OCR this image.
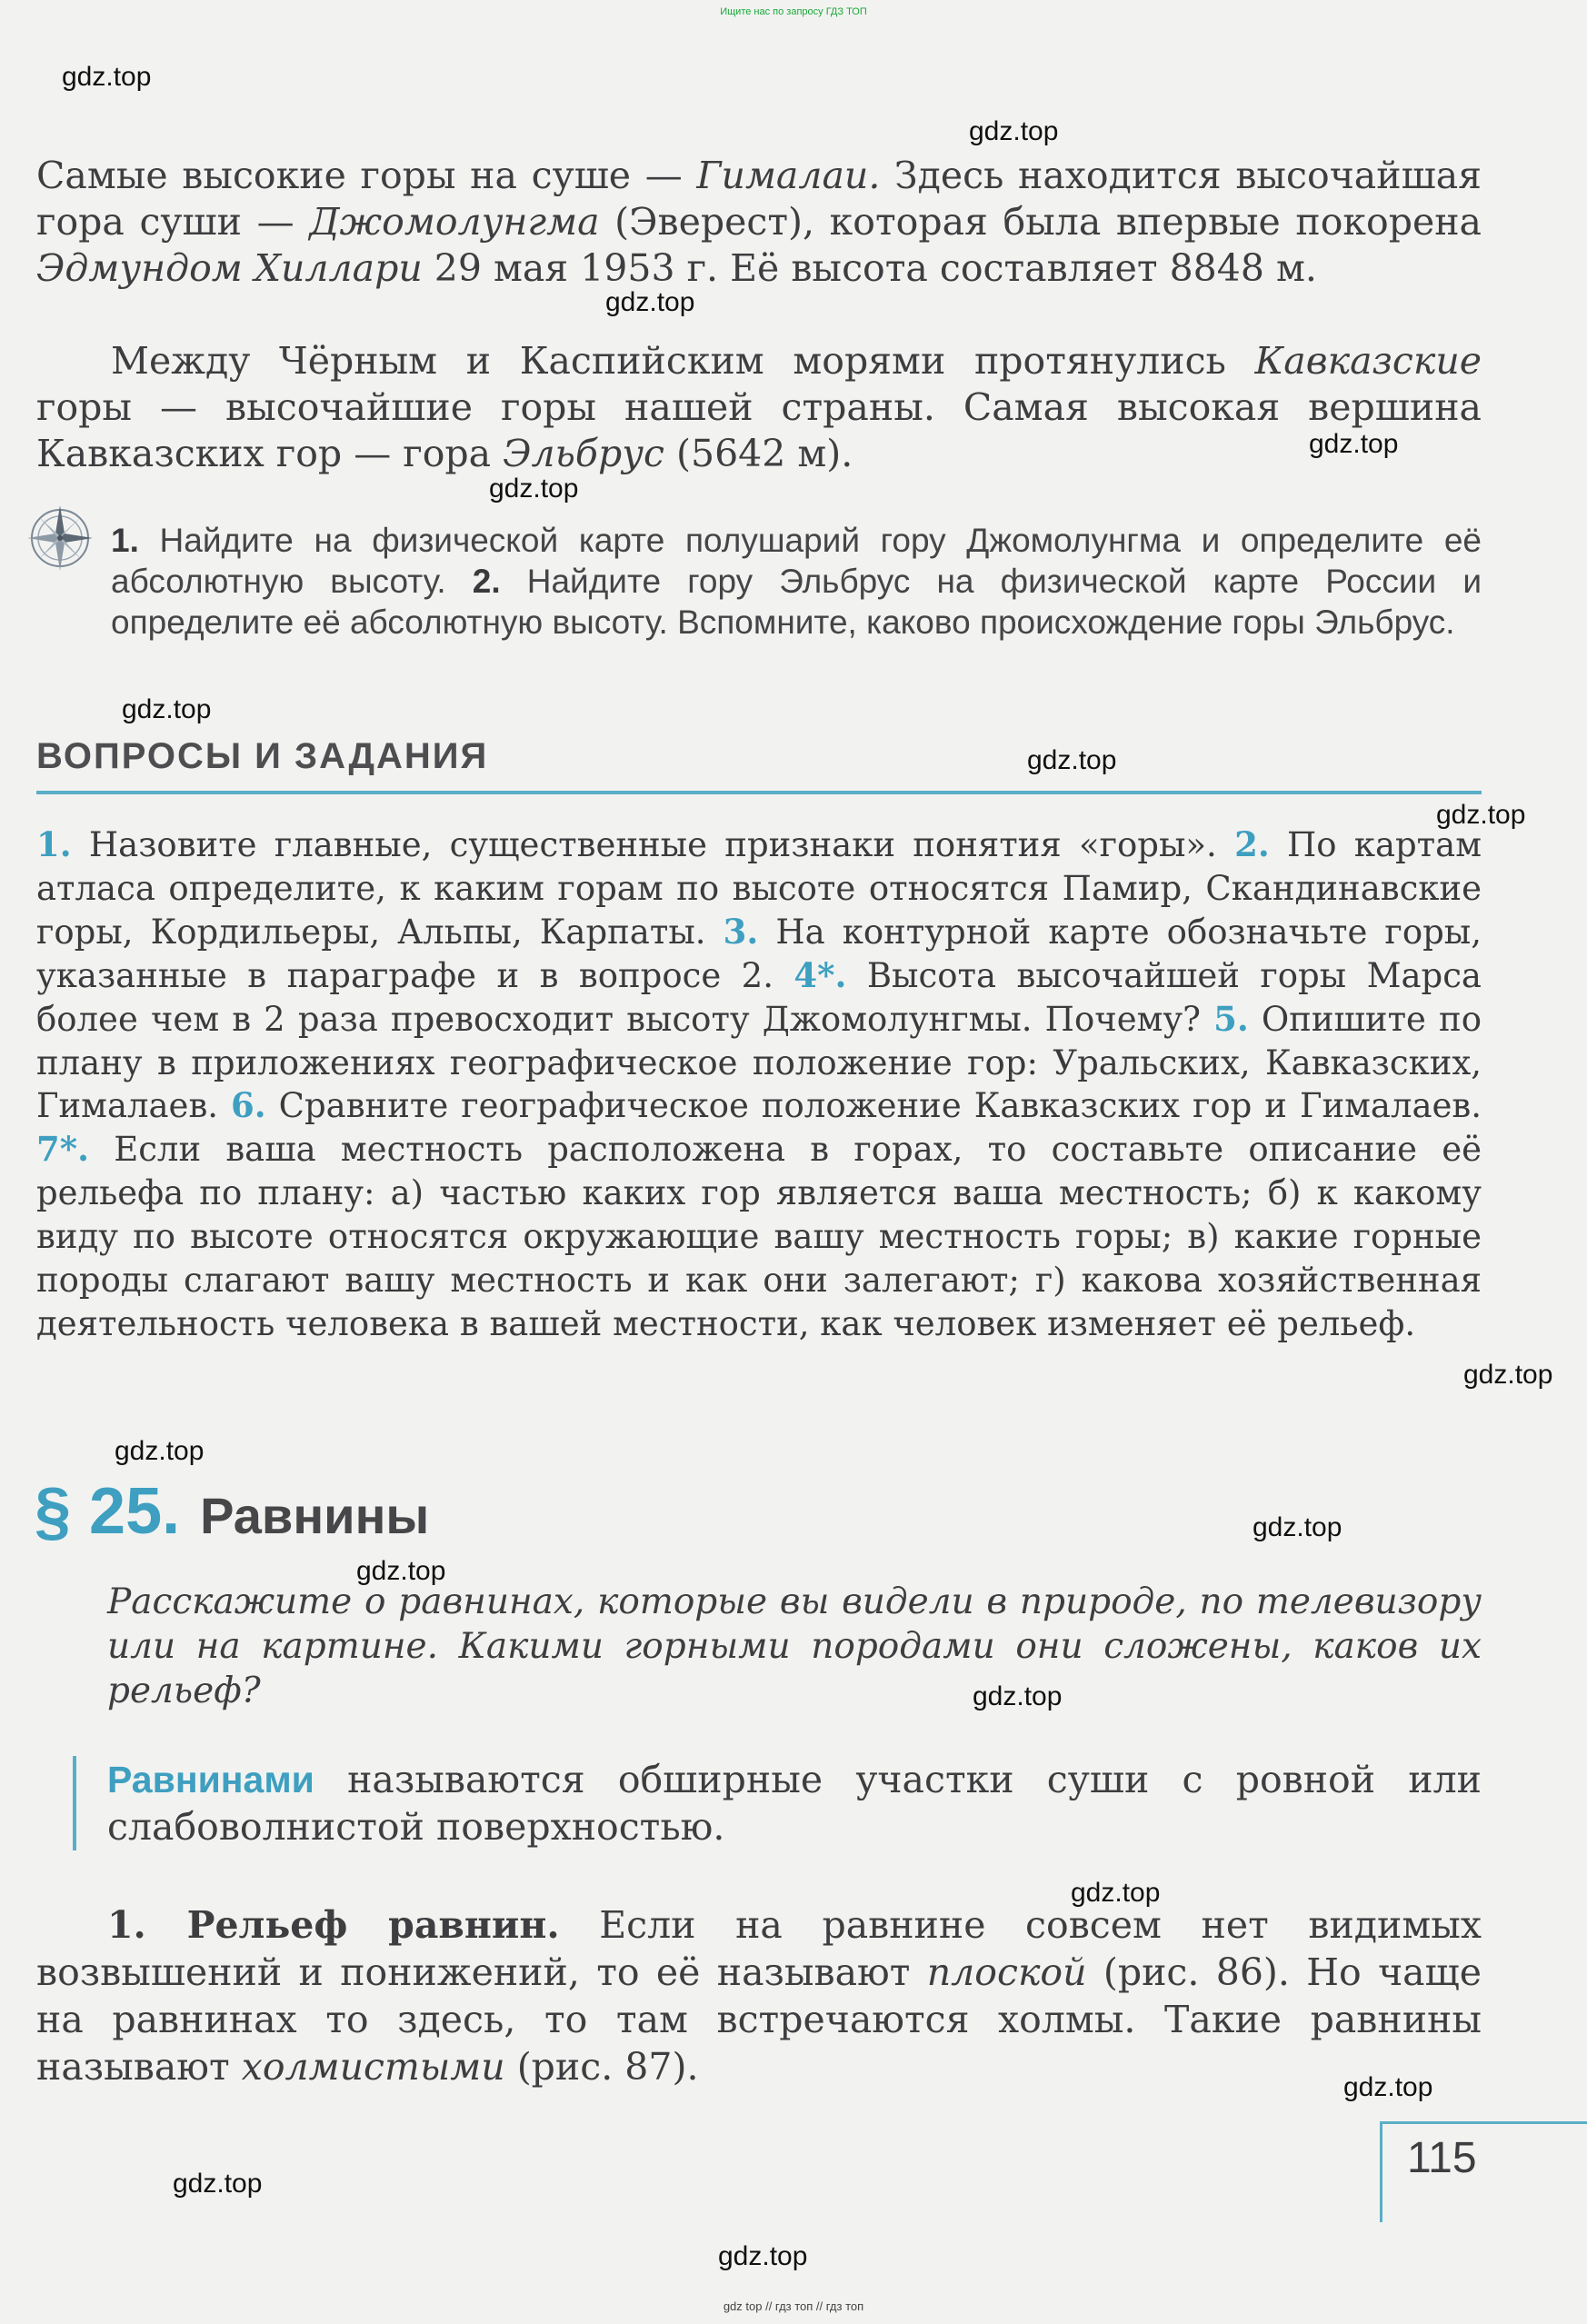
Ищите нас по запросу ГДЗ ТОП
gdz.top
gdz.top
gdz.top
gdz.top
gdz.top
gdz.top
gdz.top
gdz.top
gdz.top
gdz.top
gdz.top
gdz.top
gdz.top
gdz.top
gdz.top
gdz.top
gdz.top
Самые высокие горы на суше — Гималаи. Здесь находится высочайшая гора суши — Джомолунгма (Эверест), которая была впервые покорена Эдмундом Хиллари 29 мая 1953 г. Её высота составляет 8848 м.
Между Чёрным и Каспийским морями протянулись Кавказские горы — высочайшие горы нашей страны. Самая высокая вершина Кавказских гор — гора Эльбрус (5642 м).
1. Найдите на физической карте полушарий гору Джомолунгма и определите её абсолютную высоту. 2. Найдите гору Эльбрус на физической карте России и определите её абсолютную высоту. Вспомните, каково происхождение горы Эльбрус.
ВОПРОСЫ И ЗАДАНИЯ
1. Назовите главные, существенные признаки понятия «горы». 2. По картам атласа определите, к каким горам по высоте относятся Памир, Скандинавские горы, Кордильеры, Альпы, Карпаты. 3. На контурной карте обозначьте горы, указанные в параграфе и в вопросе 2. 4*. Высота высочайшей горы Марса более чем в 2 раза превосходит высоту Джомолунгмы. Почему? 5. Опишите по плану в приложениях географическое положение гор: Уральских, Кавказских, Гималаев. 6. Сравните географическое положение Кавказских гор и Гималаев. 7*. Если ваша местность расположена в горах, то составьте описание её рельефа по плану: а) частью каких гор является ваша местность; б) к какому виду по высоте относятся окружающие вашу местность горы; в) какие горные породы слагают вашу местность и как они залегают; г) какова хозяйственная деятельность человека в вашей местности, как человек изменяет её рельеф.
§ 25. Равнины
Расскажите о равнинах, которые вы видели в природе, по телевизору или на картине. Какими горными породами они сложены, каков их рельеф?
Равнинами называются обширные участки суши с ровной или слабоволнистой поверхностью.
1. Рельеф равнин. Если на равнине совсем нет видимых возвышений и понижений, то её называют плоской (рис. 86). Но чаще на равнинах то здесь, то там встречаются холмы. Такие равнины называют холмистыми (рис. 87).
115
gdz top // гдз топ // гдз топ
